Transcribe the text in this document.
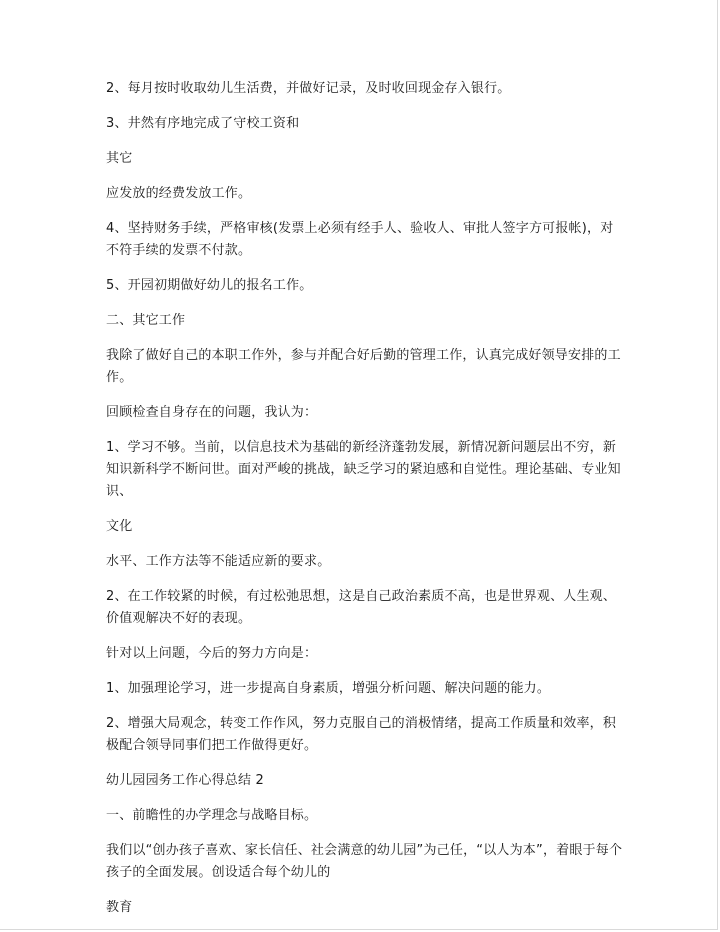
2、每月按时收取幼儿生活费，并做好记录，及时收回现金存入银行。

3、井然有序地完成了守校工资和

其它

应发放的经费发放工作。

4、坚持财务手续，严格审核(发票上必须有经手人、验收人、审批人签字方可报帐)，对不符手续的发票不付款。

5、开园初期做好幼儿的报名工作。

二、其它工作

我除了做好自己的本职工作外，参与并配合好后勤的管理工作，认真完成好领导安排的工作。

回顾检查自身存在的问题，我认为：

1、学习不够。当前，以信息技术为基础的新经济蓬勃发展，新情况新问题层出不穷，新知识新科学不断问世。面对严峻的挑战，缺乏学习的紧迫感和自觉性。理论基础、专业知识、

文化

水平、工作方法等不能适应新的要求。

2、在工作较紧的时候，有过松弛思想，这是自己政治素质不高，也是世界观、人生观、价值观解决不好的表现。

针对以上问题，今后的努力方向是：

1、加强理论学习，进一步提高自身素质，增强分析问题、解决问题的能力。

2、增强大局观念，转变工作作风，努力克服自己的消极情绪，提高工作质量和效率，积极配合领导同事们把工作做得更好。

幼儿园园务工作心得总结 2

一、前瞻性的办学理念与战略目标。

我们以“创办孩子喜欢、家长信任、社会满意的幼儿园”为己任，“以人为本”，着眼于每个孩子的全面发展。创设适合每个幼儿的

教育
